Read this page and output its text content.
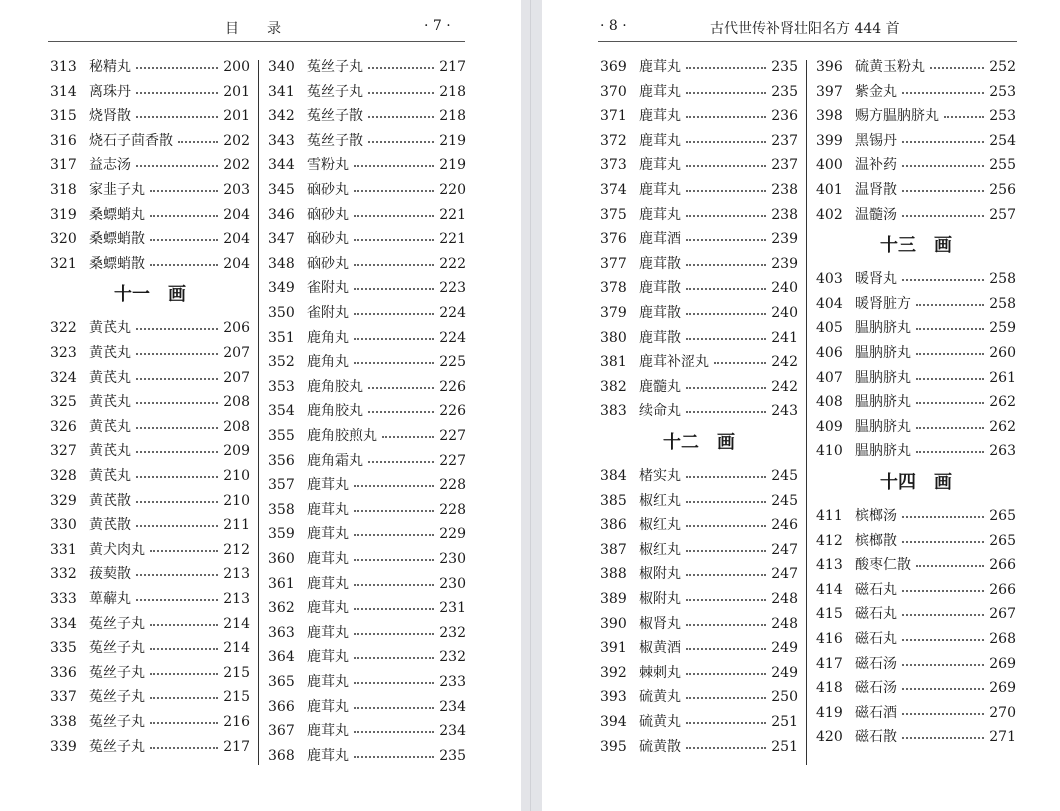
目　　录	· 7 ·
313 秘精丸	200
314 离珠丹	201
315 烧肾散	201
316 烧石子茴香散	202
317 益志汤	202
318 家韭子丸	203
319 桑螵蛸丸	204
320 桑螵蛸散	204
321 桑螵蛸散	204
十一　画
322 黄芪丸	206
323 黄芪丸	207
324 黄芪丸	207
325 黄芪丸	208
326 黄芪丸	208
327 黄芪丸	209
328 黄芪丸	210
329 黄芪散	210
330 黄芪散	211
331 黄犬肉丸	212
332 菝葜散	213
333 萆薢丸	213
334 菟丝子丸	214
335 菟丝子丸	214
336 菟丝子丸	215
337 菟丝子丸	215
338 菟丝子丸	216
339 菟丝子丸	217
340 菟丝子丸	217
341 菟丝子丸	218
342 菟丝子散	218
343 菟丝子散	219
344 雪粉丸	219
345 硇砂丸	220
346 硇砂丸	221
347 硇砂丸	221
348 硇砂丸	222
349 雀附丸	223
350 雀附丸	224
351 鹿角丸	224
352 鹿角丸	225
353 鹿角胶丸	226
354 鹿角胶丸	226
355 鹿角胶煎丸	227
356 鹿角霜丸	227
357 鹿茸丸	228
358 鹿茸丸	228
359 鹿茸丸	229
360 鹿茸丸	230
361 鹿茸丸	230
362 鹿茸丸	231
363 鹿茸丸	232
364 鹿茸丸	232
365 鹿茸丸	233
366 鹿茸丸	234
367 鹿茸丸	234
368 鹿茸丸	235
· 8 ·	古代世传补肾壮阳名方 444 首
369 鹿茸丸	235
370 鹿茸丸	235
371 鹿茸丸	236
372 鹿茸丸	237
373 鹿茸丸	237
374 鹿茸丸	238
375 鹿茸丸	238
376 鹿茸酒	239
377 鹿茸散	239
378 鹿茸散	240
379 鹿茸散	240
380 鹿茸散	241
381 鹿茸补涩丸	242
382 鹿髓丸	242
383 续命丸	243
十二　画
384 楮实丸	245
385 椒红丸	245
386 椒红丸	246
387 椒红丸	247
388 椒附丸	247
389 椒附丸	248
390 椒肾丸	248
391 椒黄酒	249
392 棘刺丸	249
393 硫黄丸	250
394 硫黄丸	251
395 硫黄散	251
396 硫黄玉粉丸	252
397 紫金丸	253
398 赐方腽肭脐丸	253
399 黑锡丹	254
400 温补药	255
401 温肾散	256
402 温髓汤	257
十三　画
403 暖肾丸	258
404 暖肾脏方	258
405 腽肭脐丸	259
406 腽肭脐丸	260
407 腽肭脐丸	261
408 腽肭脐丸	262
409 腽肭脐丸	262
410 腽肭脐丸	263
十四　画
411 槟榔汤	265
412 槟榔散	265
413 酸枣仁散	266
414 磁石丸	266
415 磁石丸	267
416 磁石丸	268
417 磁石汤	269
418 磁石汤	269
419 磁石酒	270
420 磁石散	271
